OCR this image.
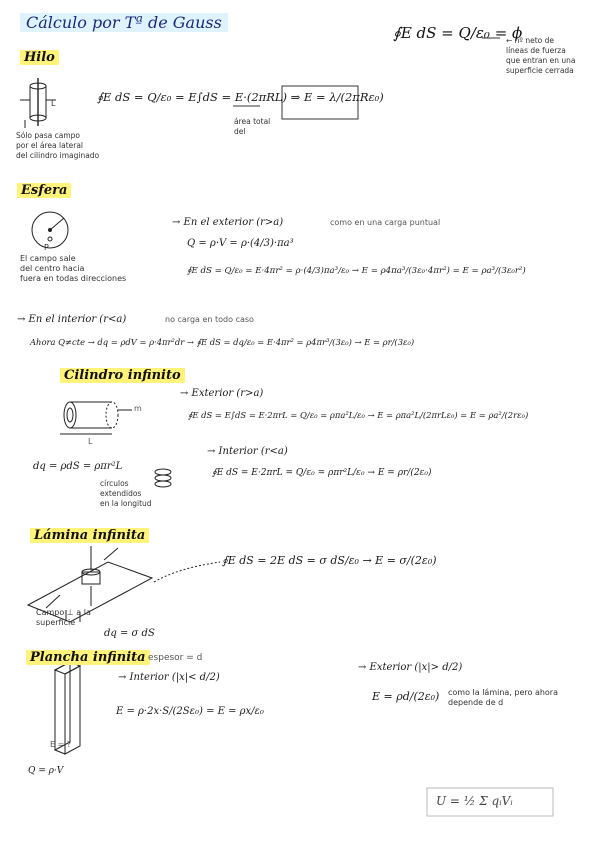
Cálculo por Tª de Gauss
∮E dS = Q/ε₀ = ϕ
← nº neto de
líneas de fuerza
que entran en una
superficie cerrada
L
P
Hilo
∮E dS = Q/ε₀ = E∫dS = E·(2πRL) ⇒ E = λ/(2πRε₀)
área total
del
Sólo pasa campo
por el área lateral
del cilindro imaginado
Esfera
→ En el exterior (r>a)	como en una carga puntual
Q = ρ·V = ρ·(4/3)·πa³
∮E dS = Q/ε₀ = E·4πr² = ρ·(4/3)πa³/ε₀ → E = ρ4πa³/(3ε₀·4πr²) = E = ρa³/(3ε₀r²)
El campo sale
del centro hacia
fuera en todas direcciones
→ En el interior (r<a)	no carga en todo caso
Ahora Q≠cte → dq = ρdV = ρ·4πr²dr → ∮E dS = dq/ε₀ = E·4πr² = ρ4πr³/(3ε₀) → E = ρr/(3ε₀)
Cilindro infinito
→ Exterior (r>a)
∮E dS = E∫dS = E·2πrL = Q/ε₀ = ρπa²L/ε₀ → E = ρπa²L/(2πrLε₀) = E = ρa²/(2rε₀)
→ Interior (r<a)
∮E dS = E·2πrL = Q/ε₀ = ρπr²L/ε₀ → E = ρr/(2ε₀)
dq = ρdS = ρπr²L
círculos
extendidos
en la longitud
L
m
Lámina infinita
∮E dS = 2E dS = σ dS/ε₀ → E = σ/(2ε₀)
Campo ⊥ a la
superficie
dq = σ dS
Plancha infinita espesor = d
→ Interior (|x|< d/2)
E = ρ·2x·S/(2Sε₀) = E = ρx/ε₀
→ Exterior (|x|> d/2)
E = ρd/(2ε₀) como la lámina, pero ahora
depende de d
E = ?
Q = ρ·V
U = ½ Σ qᵢVᵢ
